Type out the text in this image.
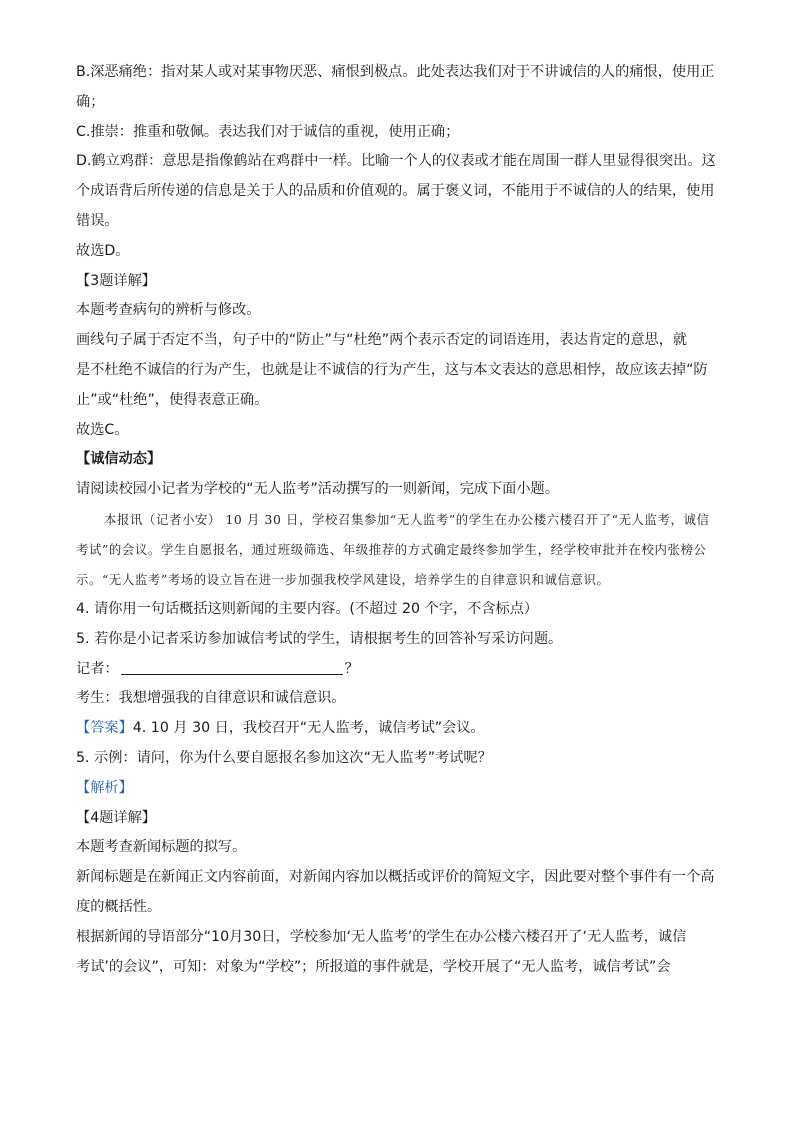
B.深恶痛绝：指对某人或对某事物厌恶、痛恨到极点。此处表达我们对于不讲诚信的人的痛恨，使用正

确；

C.推崇：推重和敬佩。表达我们对于诚信的重视，使用正确；

D.鹤立鸡群：意思是指像鹤站在鸡群中一样。比喻一个人的仪表或才能在周围一群人里显得很突出。这

个成语背后所传递的信息是关于人的品质和价值观的。属于褒义词，不能用于不诚信的人的结果，使用

错误。

故选D。

【3题详解】

本题考查病句的辨析与修改。

画线句子属于否定不当，句子中的“防止”与“杜绝”两个表示否定的词语连用，表达肯定的意思，就

是不杜绝不诚信的行为产生，也就是让不诚信的行为产生，这与本文表达的意思相悖，故应该去掉“防

止”或“杜绝”，使得表意正确。

故选C。

【诚信动态】

请阅读校园小记者为学校的“无人监考”活动撰写的一则新闻，完成下面小题。

本报讯（记者小安） 10 月 30 日，学校召集参加“无人监考”的学生在办公楼六楼召开了“无人监考，诚信考试”的会议。学生自愿报名，通过班级筛选、年级推荐的方式确定最终参加学生，经学校审批并在校内张榜公示。“无人监考”考场的设立旨在进一步加强我校学风建设，培养学生的自律意识和诚信意识。

4. 请你用一句话概括这则新闻的主要内容。(不超过 20 个字，不含标点）

5. 若你是小记者采访参加诚信考试的学生，请根据考生的回答补写采访问题。

记者：	？

考生：我想增强我的自律意识和诚信意识。

【答案】4. 10 月 30 日，我校召开“无人监考，诚信考试”会议。

5. 示例：请问，你为什么要自愿报名参加这次“无人监考”考试呢？

【解析】

【4题详解】

本题考查新闻标题的拟写。

新闻标题是在新闻正文内容前面，对新闻内容加以概括或评价的简短文字，因此要对整个事件有一个高

度的概括性。

根据新闻的导语部分“10月30日，学校参加‘无人监考’的学生在办公楼六楼召开了‘无人监考，诚信

考试’的会议”，可知：对象为“学校”；所报道的事件就是，学校开展了“无人监考，诚信考试”会
